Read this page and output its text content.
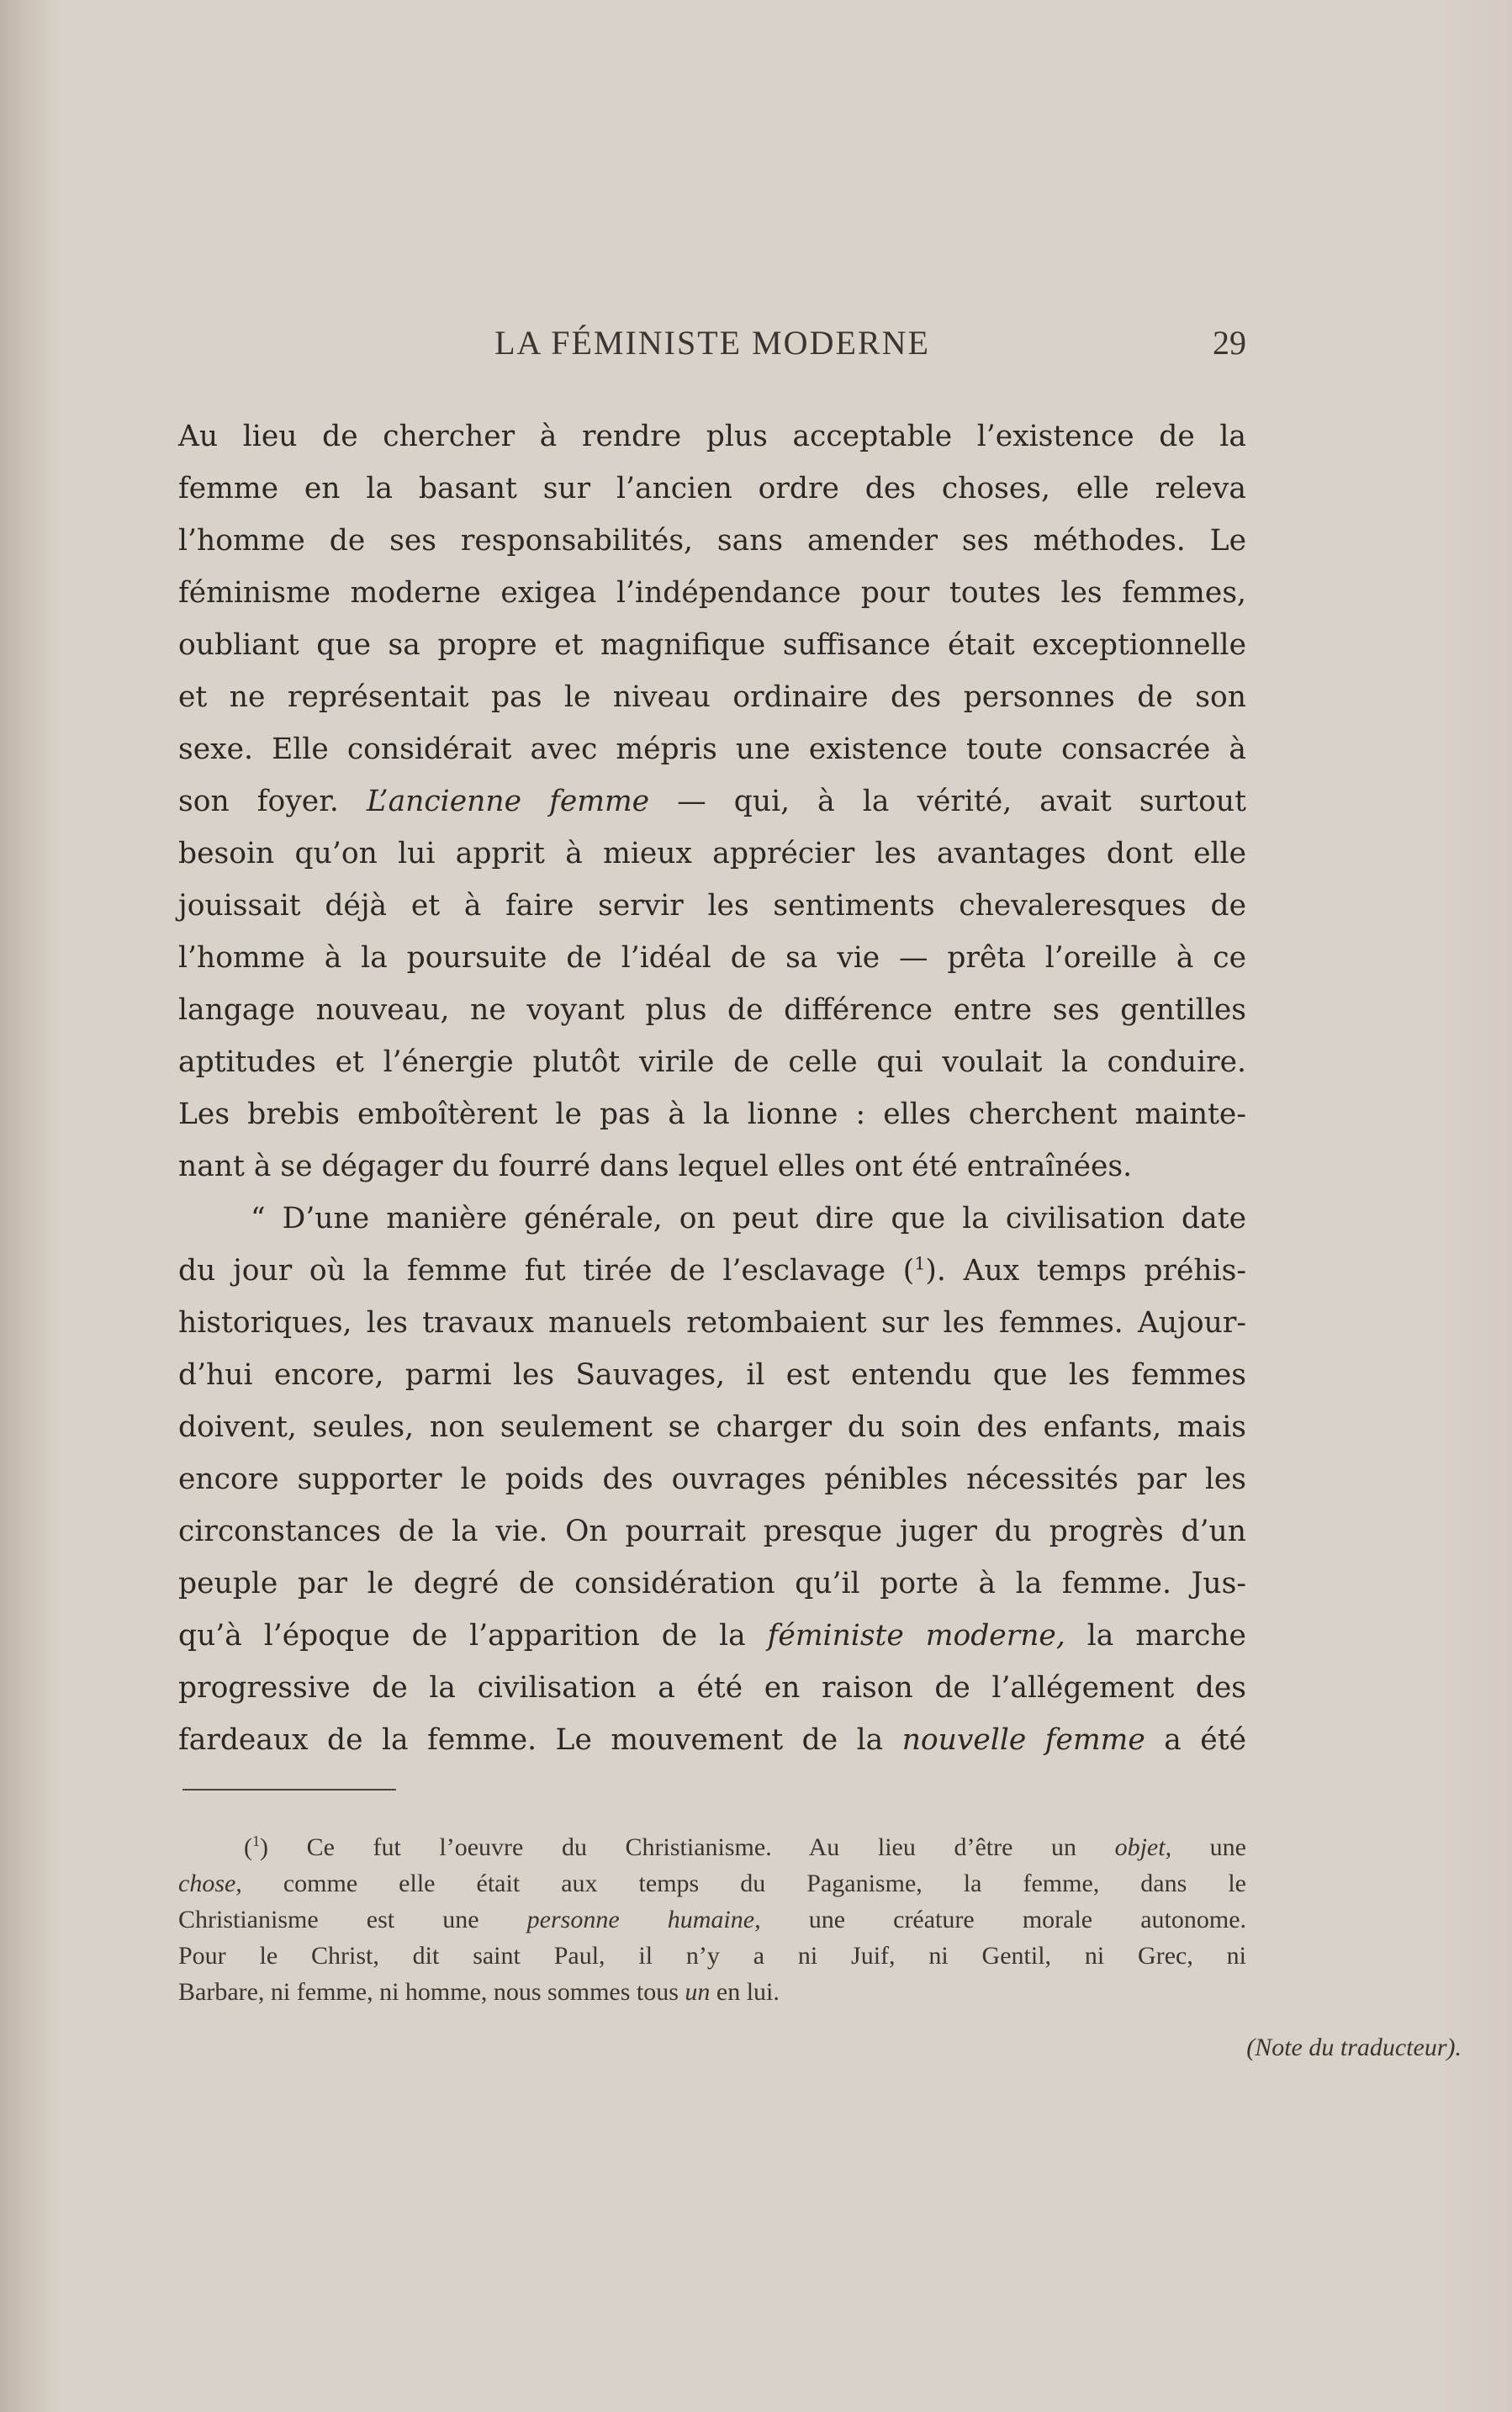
LA FÉMINISTE MODERNE	29
Au lieu de chercher à rendre plus acceptable l’existence de la
femme en la basant sur l’ancien ordre des choses, elle releva
l’homme de ses responsabilités, sans amender ses méthodes. Le
féminisme moderne exigea l’indépendance pour toutes les femmes,
oubliant que sa propre et magnifique suffisance était exceptionnelle
et ne représentait pas le niveau ordinaire des personnes de son
sexe. Elle considérait avec mépris une existence toute consacrée à
son foyer. L’ancienne femme — qui, à la vérité, avait surtout
besoin qu’on lui apprit à mieux apprécier les avantages dont elle
jouissait déjà et à faire servir les sentiments chevaleresques de
l’homme à la poursuite de l’idéal de sa vie — prêta l’oreille à ce
langage nouveau, ne voyant plus de différence entre ses gentilles
aptitudes et l’énergie plutôt virile de celle qui voulait la conduire.
Les brebis emboîtèrent le pas à la lionne : elles cherchent mainte-
nant à se dégager du fourré dans lequel elles ont été entraînées.
“ D’une manière générale, on peut dire que la civilisation date
du jour où la femme fut tirée de l’esclavage ($^1$). Aux temps préhis-
historiques, les travaux manuels retombaient sur les femmes. Aujour-
d’hui encore, parmi les Sauvages, il est entendu que les femmes
doivent, seules, non seulement se charger du soin des enfants, mais
encore supporter le poids des ouvrages pénibles nécessités par les
circonstances de la vie. On pourrait presque juger du progrès d’un
peuple par le degré de considération qu’il porte à la femme. Jus-
qu’à l’époque de l’apparition de la féministe moderne, la marche
progressive de la civilisation a été en raison de l’allégement des
fardeaux de la femme. Le mouvement de la nouvelle femme a été
($^1$) Ce fut l’oeuvre du Christianisme. Au lieu d’être un objet, une
chose, comme elle était aux temps du Paganisme, la femme, dans le
Christianisme est une personne humaine, une créature morale autonome.
Pour le Christ, dit saint Paul, il n’y a ni Juif, ni Gentil, ni Grec, ni
Barbare, ni femme, ni homme, nous sommes tous un en lui.
(Note du traducteur).
